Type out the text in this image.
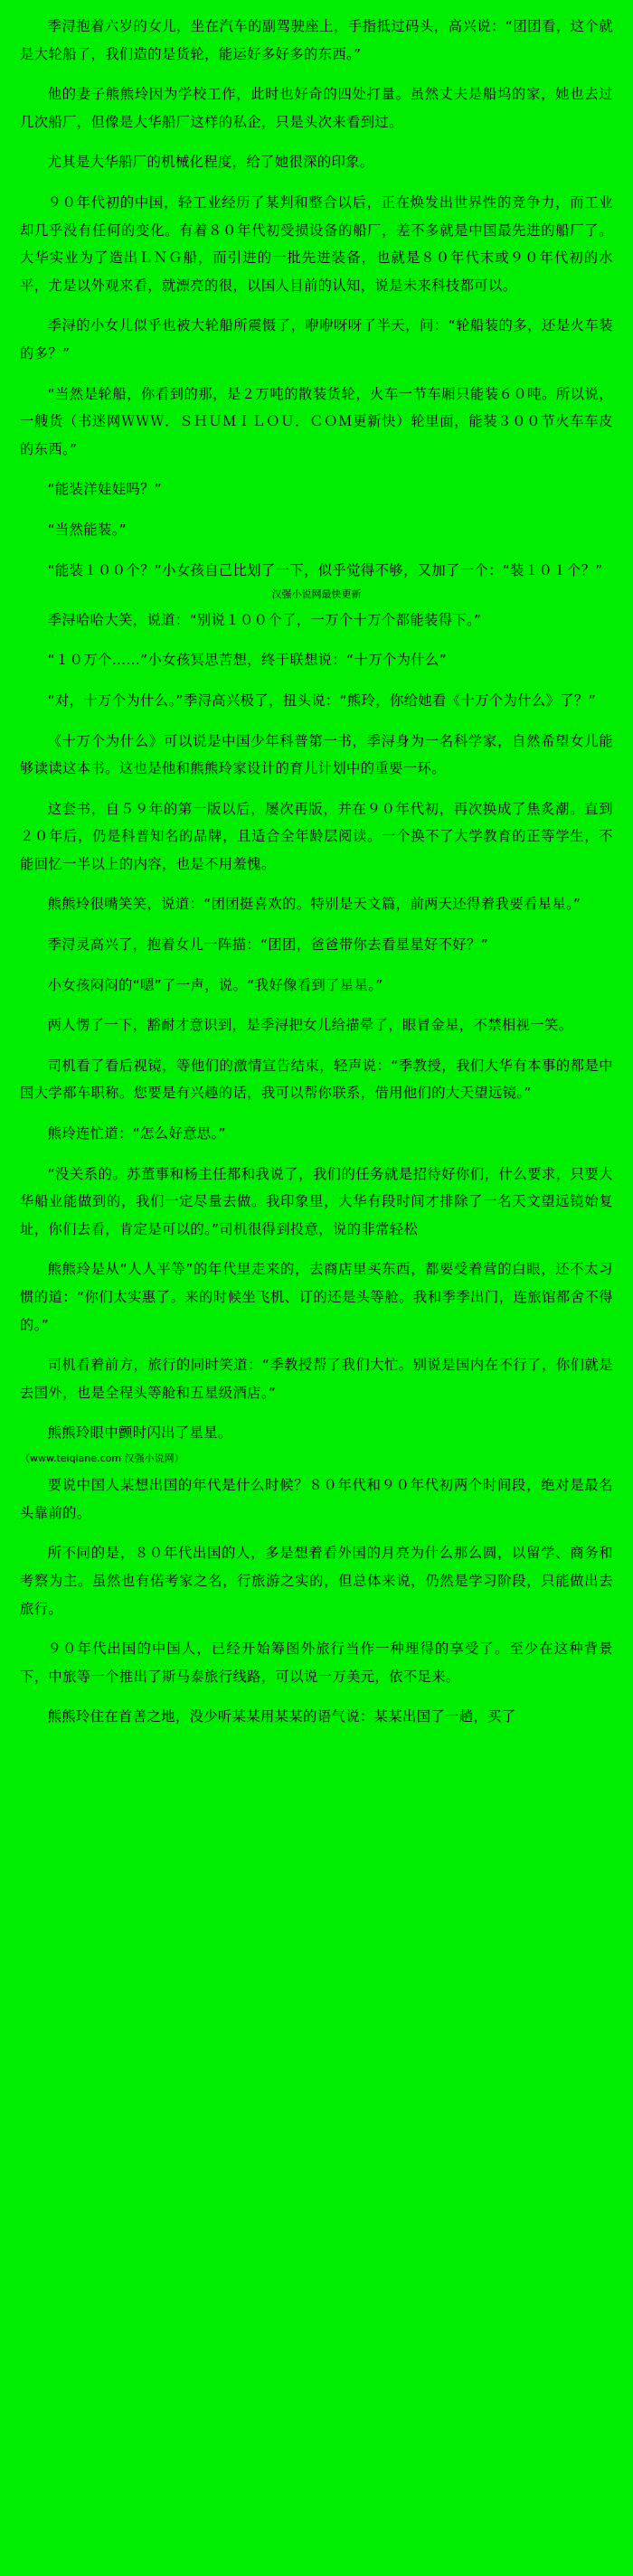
季浔抱着六岁的女儿，坐在汽车的副驾驶座上，手指抵过码头，高兴说：“团团看，这个就是大轮船了，我们造的是货轮，能运好多好多的东西。”

他的妻子熊熊玲因为学校工作，此时也好奇的四处打量。虽然丈夫是船坞的家，她也去过几次船厂，但像是大华船厂这样的私企，只是头次来看到过。

尤其是大华船厂的机械化程度，给了她很深的印象。

９０年代初的中国，轻工业经历了某判和整合以后，正在焕发出世界性的竞争力，而工业却几乎没有任何的变化。有着８０年代初受损设备的船厂，差不多就是中国最先进的船厂了。大华实业为了造出ＬＮＧ船，而引进的一批先进装备，也就是８０年代末或９０年代初的水平，尤是以外观来看，就漂亮的很，以国人目前的认知，说是未来科技都可以。

季浔的小女儿似乎也被大轮船所震慑了，咿咿呀呀了半天，问：“轮船装的多，还是火车装的多？”

“当然是轮船，你看到的那，是２万吨的散装货轮，火车一节车厢只能装６０吨。所以说，一艘货（书迷网ＷＷＷ．ＳＨＵＭＩＬＯＵ．ＣＯＭ更新快）轮里面，能装３００节火车车皮的东西。”

“能装洋娃娃吗？”

“当然能装。”

“能装１００个？”小女孩自己比划了一下，似乎觉得不够，又加了一个：“装１０１个？”

汉强小说网最快更新

季浔哈哈大笑，说道：“别说１００个了，一万个十万个都能装得下。”

“１０万个……”小女孩冥思苦想，终于联想说：“十万个为什么”

“对，十万个为什么。”季浔高兴极了，扭头说：“熊玲，你给她看《十万个为什么》了？”

《十万个为什么》可以说是中国少年科普第一书，季浔身为一名科学家，自然希望女儿能够读读这本书。这也是他和熊熊玲家设计的育儿计划中的重要一环。

这套书，自５９年的第一版以后，屡次再版，并在９０年代初，再次换成了焦炙潮。直到２０年后，仍是科普知名的品牌，且适合全年龄层阅读。一个换不了大学教育的正等学生，不能回忆一半以上的内容，也是不用羞愧。

熊熊玲很嘴笑笑，说道：“团团挺喜欢的。特别是天文篇，前两天还得着我要看星星。”

季浔灵高兴了，抱着女儿一阵描：“团团，爸爸带你去看星星好不好？”

小女孩闷闷的“嗯”了一声，说。“我好像看到了星星。”

两人愣了一下，豁耐才意识到，是季浔把女儿给描晕了，眼冒金星，不禁相视一笑。

司机看了看后视镜，等他们的激情宣告结束，轻声说：“季教授，我们大华有本事的都是中国大学都车职称。您要是有兴趣的话，我可以帮你联系，借用他们的大天望远镜。”

熊玲连忙道：“怎么好意思。”

“没关系的。苏董事和杨主任都和我说了，我们的任务就是招待好你们，什么要求，只要大华船业能做到的，我们一定尽量去做。我印象里，大华有段时间才排除了一名天文望远镜始复址，你们去看，肯定是可以的。”司机很得到投意，说的非常轻松

熊熊玲是从“人人平等”的年代里走来的，去商店里买东西，都要受着营的白眼，还不太习惯的道：“你们太实惠了。来的时候坐飞机、订的还是头等舱。我和季季出门，连旅馆都舍不得的。”

司机看着前方，旅行的同时笑道：“季教授帮了我们大忙。别说是国内在不行了，你们就是去国外，也是全程头等舱和五星级酒店。”

熊熊玲眼中颤时闪出了星星。

（www.teiqiane.com 汉强小说网）

要说中国人某想出国的年代是什么时候？８０年代和９０年代初两个时间段，绝对是最名头靠前的。

所不同的是，８０年代出国的人，多是想着看外国的月亮为什么那么圆，以留学、商务和考察为主。虽然也有偌考家之名，行旅游之实的，但总体来说，仍然是学习阶段，只能做出去旅行。

９０年代出国的中国人，已经开始筹图外旅行当作一种理得的享受了。至少在这种背景下，中旅等一个推出了斯马泰旅行线路，可以说一万美元，依不足来。

熊熊玲住在首善之地，没少听某某用某某的语气说：某某出国了一趟，买了
